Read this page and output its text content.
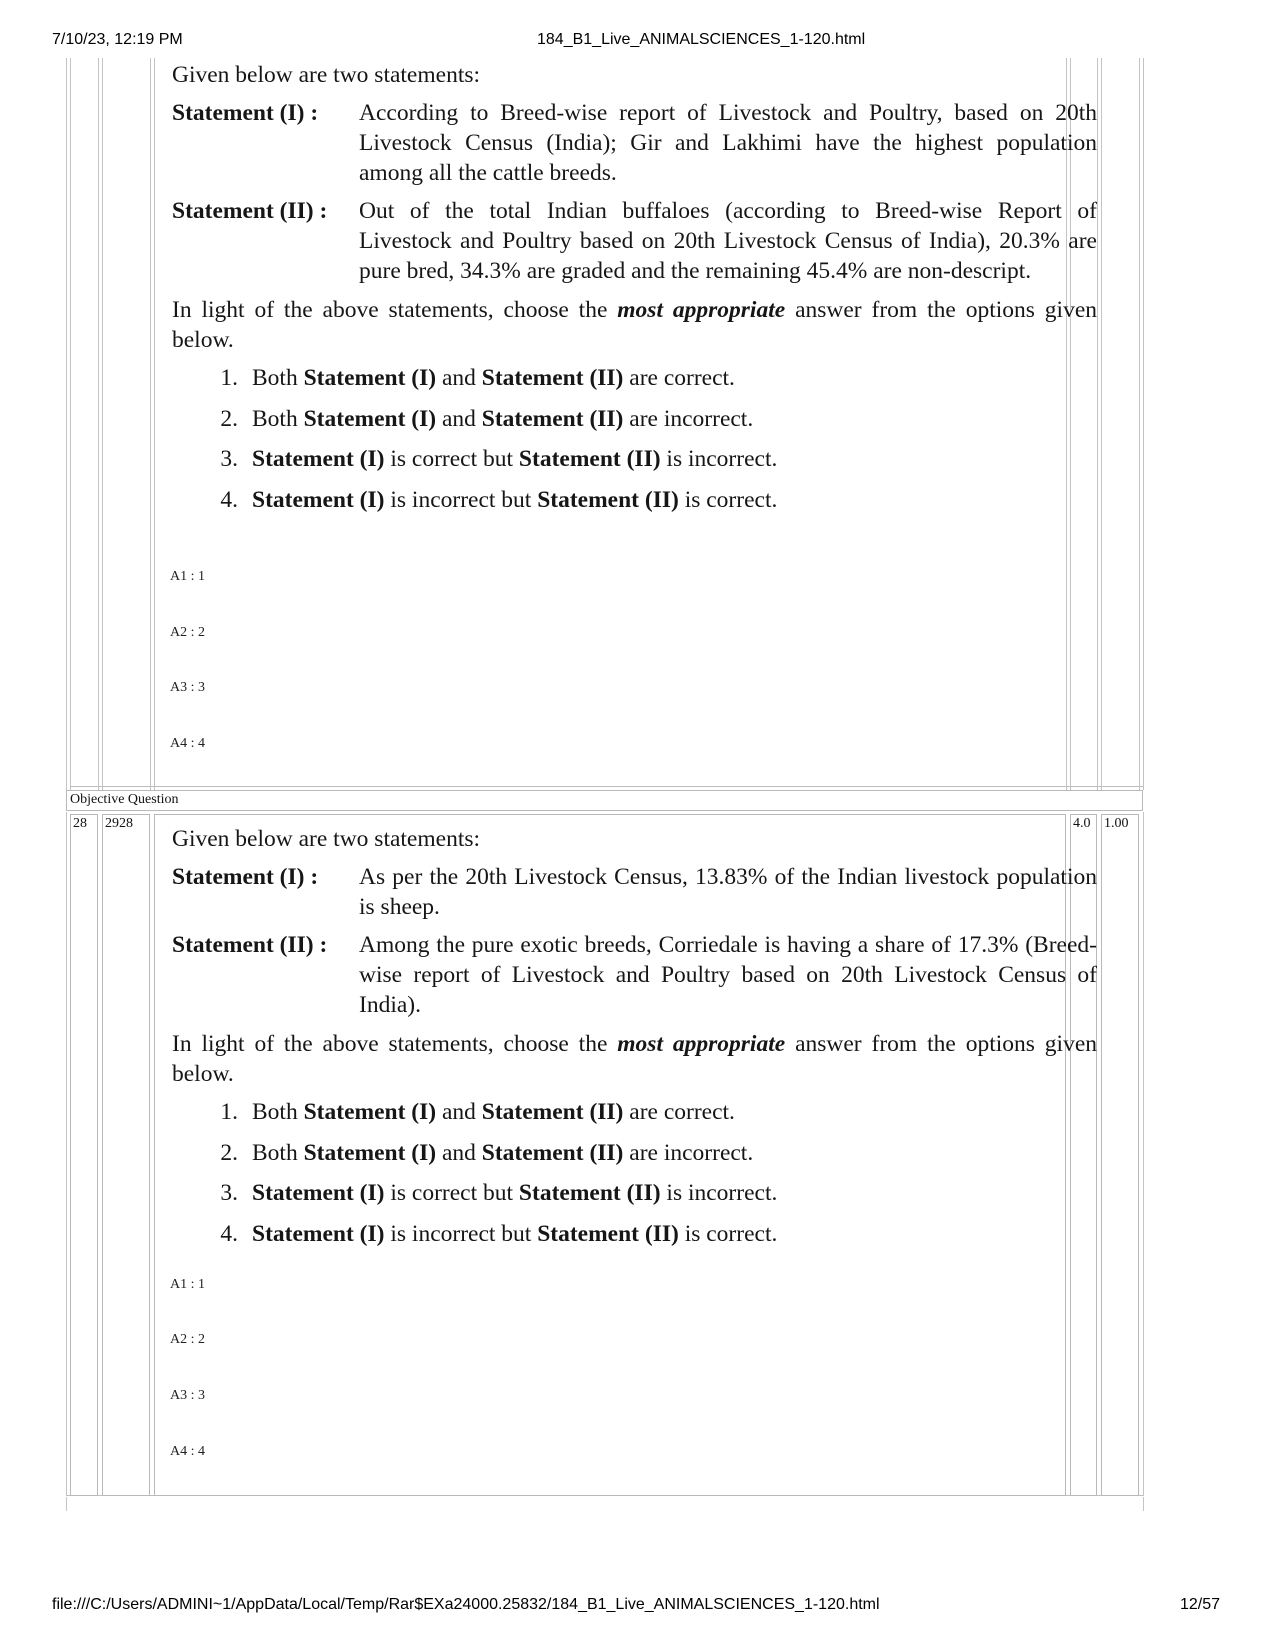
7/10/23, 12:19 PM	184_B1_Live_ANIMALSCIENCES_1-120.html

Given below are two statements:

Statement (I) :	According to Breed-wise report of Livestock and Poultry, based on 20th Livestock Census (India); Gir and Lakhimi have the highest population among all the cattle breeds.
Statement (II) :	Out of the total Indian buffaloes (according to Breed-wise Report of Livestock and Poultry based on 20th Livestock Census of India), 20.3% are pure bred, 34.3% are graded and the remaining 45.4% are non-descript.
In light of the above statements, choose the most appropriate answer from the options given below.
1. Both Statement (I) and Statement (II) are correct.
2. Both Statement (I) and Statement (II) are incorrect.
3. Statement (I) is correct but Statement (II) is incorrect.
4. Statement (I) is incorrect but Statement (II) is correct.
A1 : 1
A2 : 2
A3 : 3
A4 : 4
Objective Question
28 2928	4.0 1.00

Given below are two statements:

Statement (I) :	As per the 20th Livestock Census, 13.83% of the Indian livestock population is sheep.
Statement (II) :	Among the pure exotic breeds, Corriedale is having a share of 17.3% (Breed-wise report of Livestock and Poultry based on 20th Livestock Census of India).
In light of the above statements, choose the most appropriate answer from the options given below.
1. Both Statement (I) and Statement (II) are correct.
2. Both Statement (I) and Statement (II) are incorrect.
3. Statement (I) is correct but Statement (II) is incorrect.
4. Statement (I) is incorrect but Statement (II) is correct.
A1 : 1
A2 : 2
A3 : 3
A4 : 4
file:///C:/Users/ADMINI~1/AppData/Local/Temp/Rar$EXa24000.25832/184_B1_Live_ANIMALSCIENCES_1-120.html	12/57
